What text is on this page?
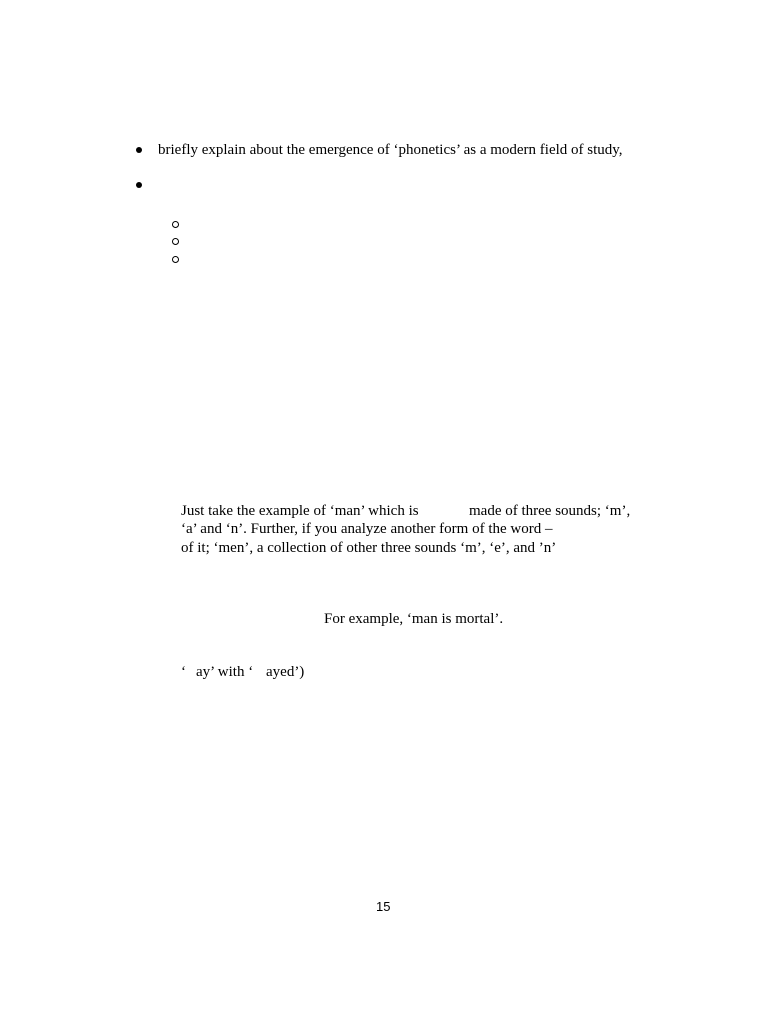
briefly explain about the emergence of ‘phonetics’ as a modern field of study,
Just take the example of ‘man’ which is	made of three sounds; ‘m’,
‘a’ and ‘n’. Further, if you analyze another form of the word –
of it; ‘men’, a collection of other three sounds ‘m’, ‘e’, and ’n’
For example, ‘man is mortal’.
‘ ay’ with ‘ ayed’)
15
